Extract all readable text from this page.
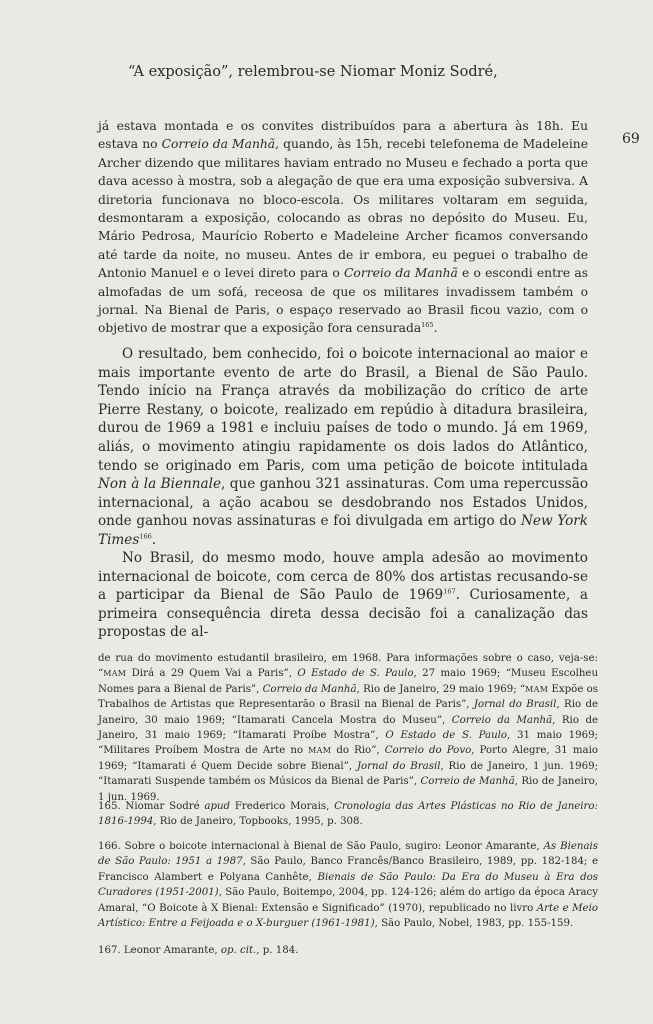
“A exposição”, relembrou-se Niomar Moniz Sodré,
69
já estava montada e os convites distribuídos para a abertura às 18h. Eu estava no Correio da Manhã, quando, às 15h, recebi telefonema de Madeleine Archer dizendo que militares haviam entrado no Museu e fechado a porta que dava acesso à mostra, sob a alegação de que era uma exposição subversiva. A diretoria funcionava no bloco-escola. Os militares voltaram em seguida, desmontaram a exposição, colocando as obras no depósito do Museu. Eu, Mário Pedrosa, Maurício Roberto e Madeleine Archer ficamos conversando até tarde da noite, no museu. Antes de ir embora, eu peguei o trabalho de Antonio Manuel e o levei direto para o Correio da Manhã e o escondi entre as almofadas de um sofá, receosa de que os militares invadissem também o jornal. Na Bienal de Paris, o espaço reservado ao Brasil ficou vazio, com o objetivo de mostrar que a exposição fora censurada$^{165}$.
O resultado, bem conhecido, foi o boicote internacional ao maior e mais importante evento de arte do Brasil, a Bienal de São Paulo. Tendo início na França através da mobilização do crítico de arte Pierre Restany, o boicote, realizado em repúdio à ditadura brasileira, durou de 1969 a 1981 e incluiu países de todo o mundo. Já em 1969, aliás, o movimento atingiu rapidamente os dois lados do Atlântico, tendo se originado em Paris, com uma petição de boicote intitulada Non à la Biennale, que ganhou 321 assinaturas. Com uma repercussão internacional, a ação acabou se desdobrando nos Estados Unidos, onde ganhou novas assinaturas e foi divulgada em artigo do New York Times$^{166}$.
No Brasil, do mesmo modo, houve ampla adesão ao movimento internacional de boicote, com cerca de 80% dos artistas recusando-se a participar da Bienal de São Paulo de 1969$^{167}$. Curiosamente, a primeira consequência direta dessa decisão foi a canalização das propostas de al-
de rua do movimento estudantil brasileiro, em 1968. Para informações sobre o caso, veja-se: “MAM Dirá a 29 Quem Vai a Paris”, O Estado de S. Paulo, 27 maio 1969; “Museu Escolheu Nomes para a Bienal de Paris”, Correio da Manhã, Rio de Janeiro, 29 maio 1969; “MAM Expõe os Trabalhos de Artistas que Representarão o Brasil na Bienal de Paris”, Jornal do Brasil, Rio de Janeiro, 30 maio 1969; “Itamarati Cancela Mostra do Museu”, Correio da Manhã, Rio de Janeiro, 31 maio 1969; “Itamarati Proíbe Mostra”, O Estado de S. Paulo, 31 maio 1969; “Militares Proíbem Mostra de Arte no MAM do Rio”, Correio do Povo, Porto Alegre, 31 maio 1969; “Itamarati é Quem Decide sobre Bienal”, Jornal do Brasil, Rio de Janeiro, 1 jun. 1969; “Itamarati Suspende também os Músicos da Bienal de Paris”, Correio de Manhã, Rio de Janeiro, 1 jun. 1969.
165. Niomar Sodré apud Frederico Morais, Cronologia das Artes Plásticas no Rio de Janeiro: 1816-1994, Rio de Janeiro, Topbooks, 1995, p. 308.
166. Sobre o boicote internacional à Bienal de São Paulo, sugiro: Leonor Amarante, As Bienais de São Paulo: 1951 a 1987, São Paulo, Banco Francês/Banco Brasileiro, 1989, pp. 182-184; e Francisco Alambert e Polyana Canhête, Bienais de São Paulo: Da Era do Museu à Era dos Curadores (1951-2001), São Paulo, Boitempo, 2004, pp. 124-126; além do artigo da época Aracy Amaral, “O Boicote à X Bienal: Extensão e Significado” (1970), republicado no livro Arte e Meio Artístico: Entre a Feijoada e o X-burguer (1961-1981), São Paulo, Nobel, 1983, pp. 155-159.
167. Leonor Amarante, op. cit., p. 184.
